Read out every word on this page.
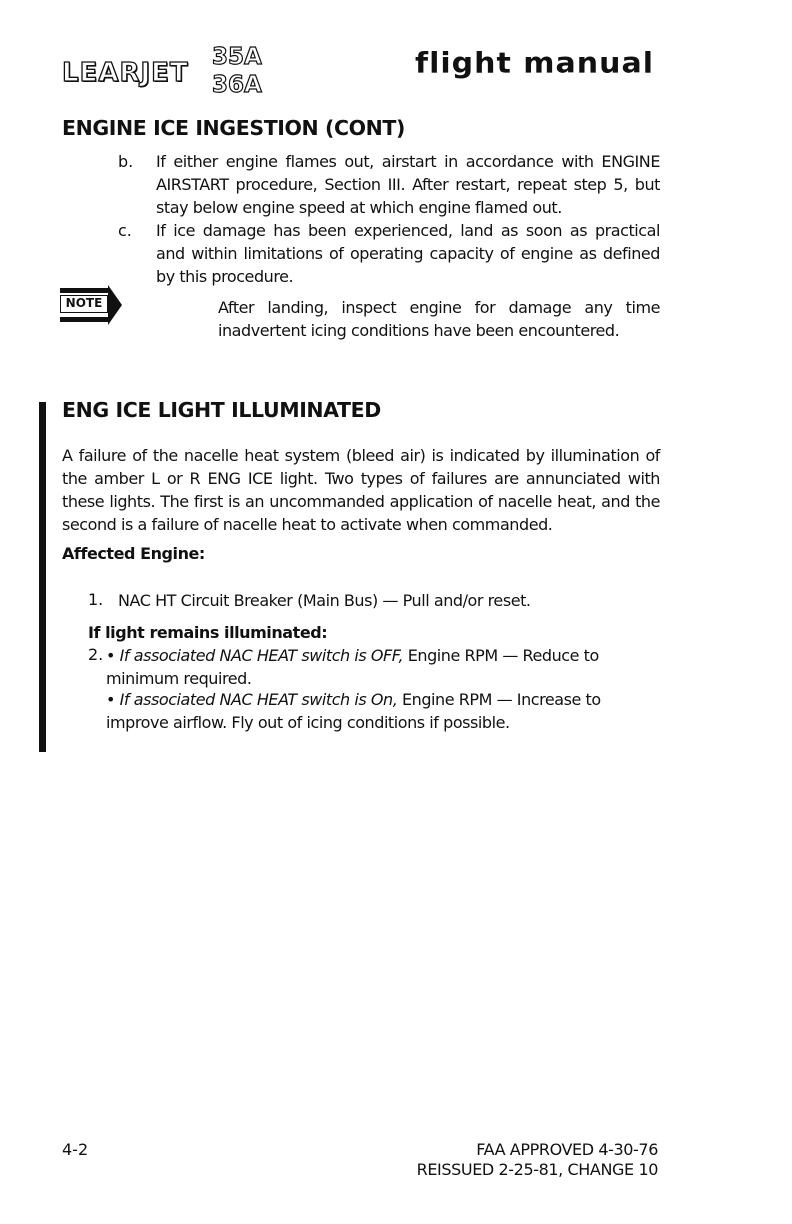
LEARJET
35A
36A
flight manual
ENGINE ICE INGESTION (CONT)
b. If either engine flames out, airstart in accordance with ENGINE AIRSTART procedure, Section III. After restart, repeat step 5, but stay below engine speed at which engine flamed out.
c. If ice damage has been experienced, land as soon as practical and within limitations of operating capacity of engine as defined by this procedure.
NOTE	After landing, inspect engine for damage any time inadvertent icing conditions have been encountered.
ENG ICE LIGHT ILLUMINATED
A failure of the nacelle heat system (bleed air) is indicated by illumination of the amber L or R ENG ICE light. Two types of failures are annunciated with these lights. The first is an uncommanded application of nacelle heat, and the second is a failure of nacelle heat to activate when commanded.
Affected Engine:
1. NAC HT Circuit Breaker (Main Bus) — Pull and/or reset.
If light remains illuminated:
2. • If associated NAC HEAT switch is OFF, Engine RPM — Reduce to minimum required.
• If associated NAC HEAT switch is On, Engine RPM — Increase to improve airflow. Fly out of icing conditions if possible.
4-2	FAA APPROVED 4-30-76
REISSUED 2-25-81, CHANGE 10
